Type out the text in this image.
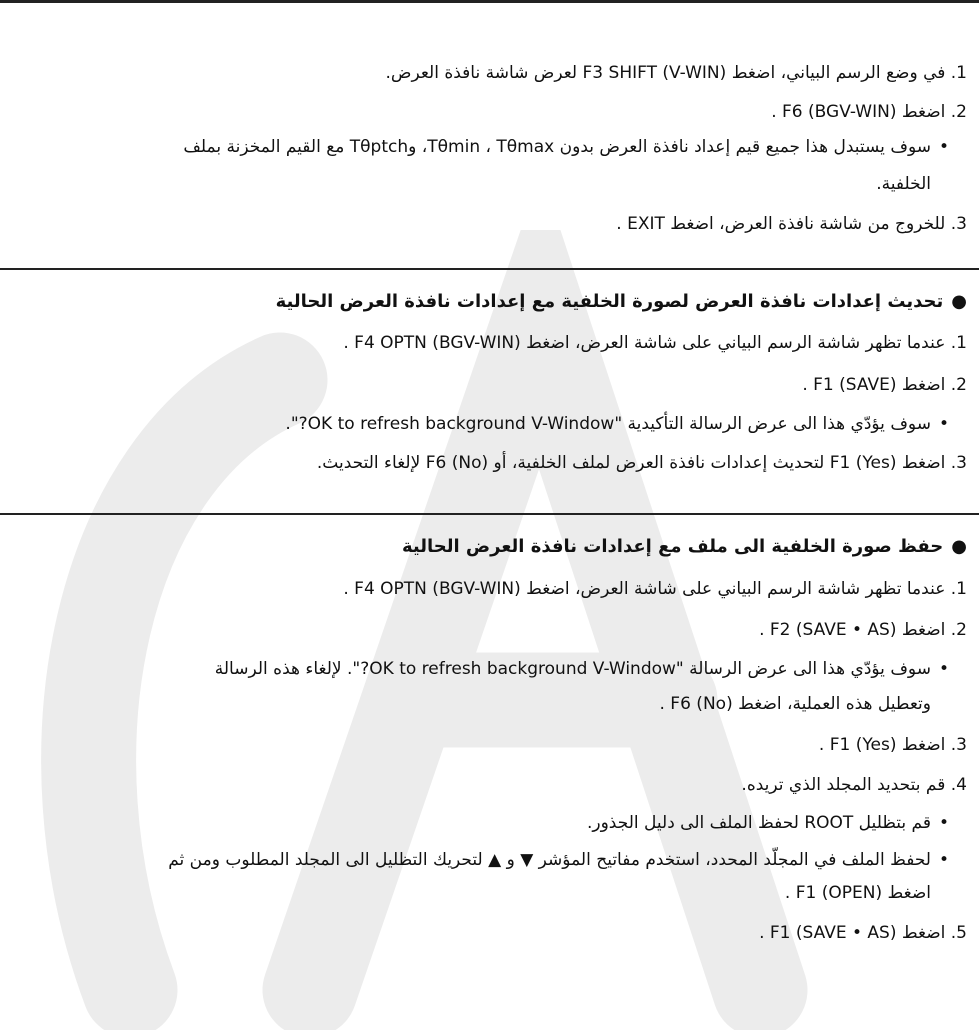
1. في وضع الرسم البياني، اضغط (V-WIN) F3 SHIFT لعرض شاشة نافذة العرض.
2. اضغط (BGV-WIN) F6 .
•سوف يستبدل هذا جميع قيم إعداد نافذة العرض بدون Tθmin ، Tθmax، وTθptch مع القيم المخزنة بملف
الخلفية.
3. للخروج من شاشة نافذة العرض، اضغط EXIT .
●تحديث إعدادات نافذة العرض لصورة الخلفية مع إعدادات نافذة العرض الحالية
1. عندما تظهر شاشة الرسم البياني على شاشة العرض، اضغط (BGV-WIN) F4 OPTN .
2. اضغط (SAVE) F1 .
•سوف يؤدّي هذا الى عرض الرسالة التأكيدية "OK to refresh background V-Window?".
3. اضغط (Yes) F1 لتحديث إعدادات نافذة العرض لملف الخلفية، أو (No) F6 لإلغاء التحديث.
●حفظ صورة الخلفية الى ملف مع إعدادات نافذة العرض الحالية
1. عندما تظهر شاشة الرسم البياني على شاشة العرض، اضغط (BGV-WIN) F4 OPTN .
2. اضغط (SAVE • AS) F2 .
•سوف يؤدّي هذا الى عرض الرسالة "OK to refresh background V-Window?". لإلغاء هذه الرسالة
وتعطيل هذه العملية، اضغط (No) F6 .
3. اضغط (Yes) F1 .
4. قم بتحديد المجلد الذي تريده.
•قم بتظليل ROOT لحفظ الملف الى دليل الجذور.
•لحفظ الملف في المجلّد المحدد، استخدم مفاتيح المؤشر ▼ و ▲ لتحريك التظليل الى المجلد المطلوب ومن ثم
اضغط (OPEN) F1 .
5. اضغط (SAVE • AS) F1 .
